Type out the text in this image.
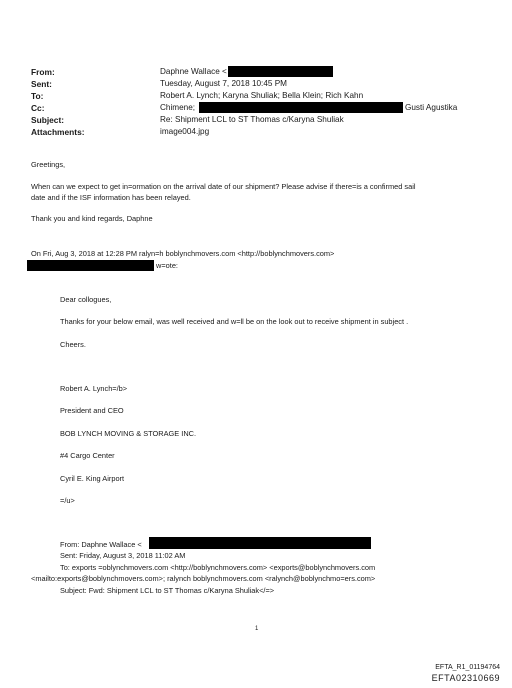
From:
Sent:
To:
Cc:
Subject:
Attachments:
Daphne Wallace <
Tuesday, August 7, 2018 10:45 PM
Robert A. Lynch; Karyna Shuliak; Bella Klein; Rich Kahn
Chimene;	Gusti Agustika
Re: Shipment LCL to ST Thomas c/Karyna Shuliak
image004.jpg
Greetings,
When can we expect to get in=ormation on the arrival date of our shipment? Please advise if there=is a confirmed sail
date and if the ISF information has been relayed.
Thank you and kind regards, Daphne
On Fri, Aug 3, 2018 at 12:28 PM ralyn=h boblynchmovers.com <http://boblynchmovers.com>
w=ote:
Dear collogues,
Thanks for your below email, was well received and w=ll be on the look out to receive shipment in subject .
Cheers.
Robert A. Lynch=/b>
President and CEO
BOB LYNCH MOVING & STORAGE INC.
#4 Cargo Center
Cyril E. King Airport
=/u>
From: Daphne Wallace <
Sent: Friday, August 3, 2018 11:02 AM
To: exports =oblynchmovers.com <http://boblynchmovers.com> <exports@boblynchmovers.com
<mailto:exports@boblynchmovers.com>; ralynch boblynchmovers.com <ralynch@boblynchmo=ers.com>
Subject: Fwd: Shipment LCL to ST Thomas c/Karyna Shuliak</=>
1
EFTA_R1_01194764
EFTA02310669
